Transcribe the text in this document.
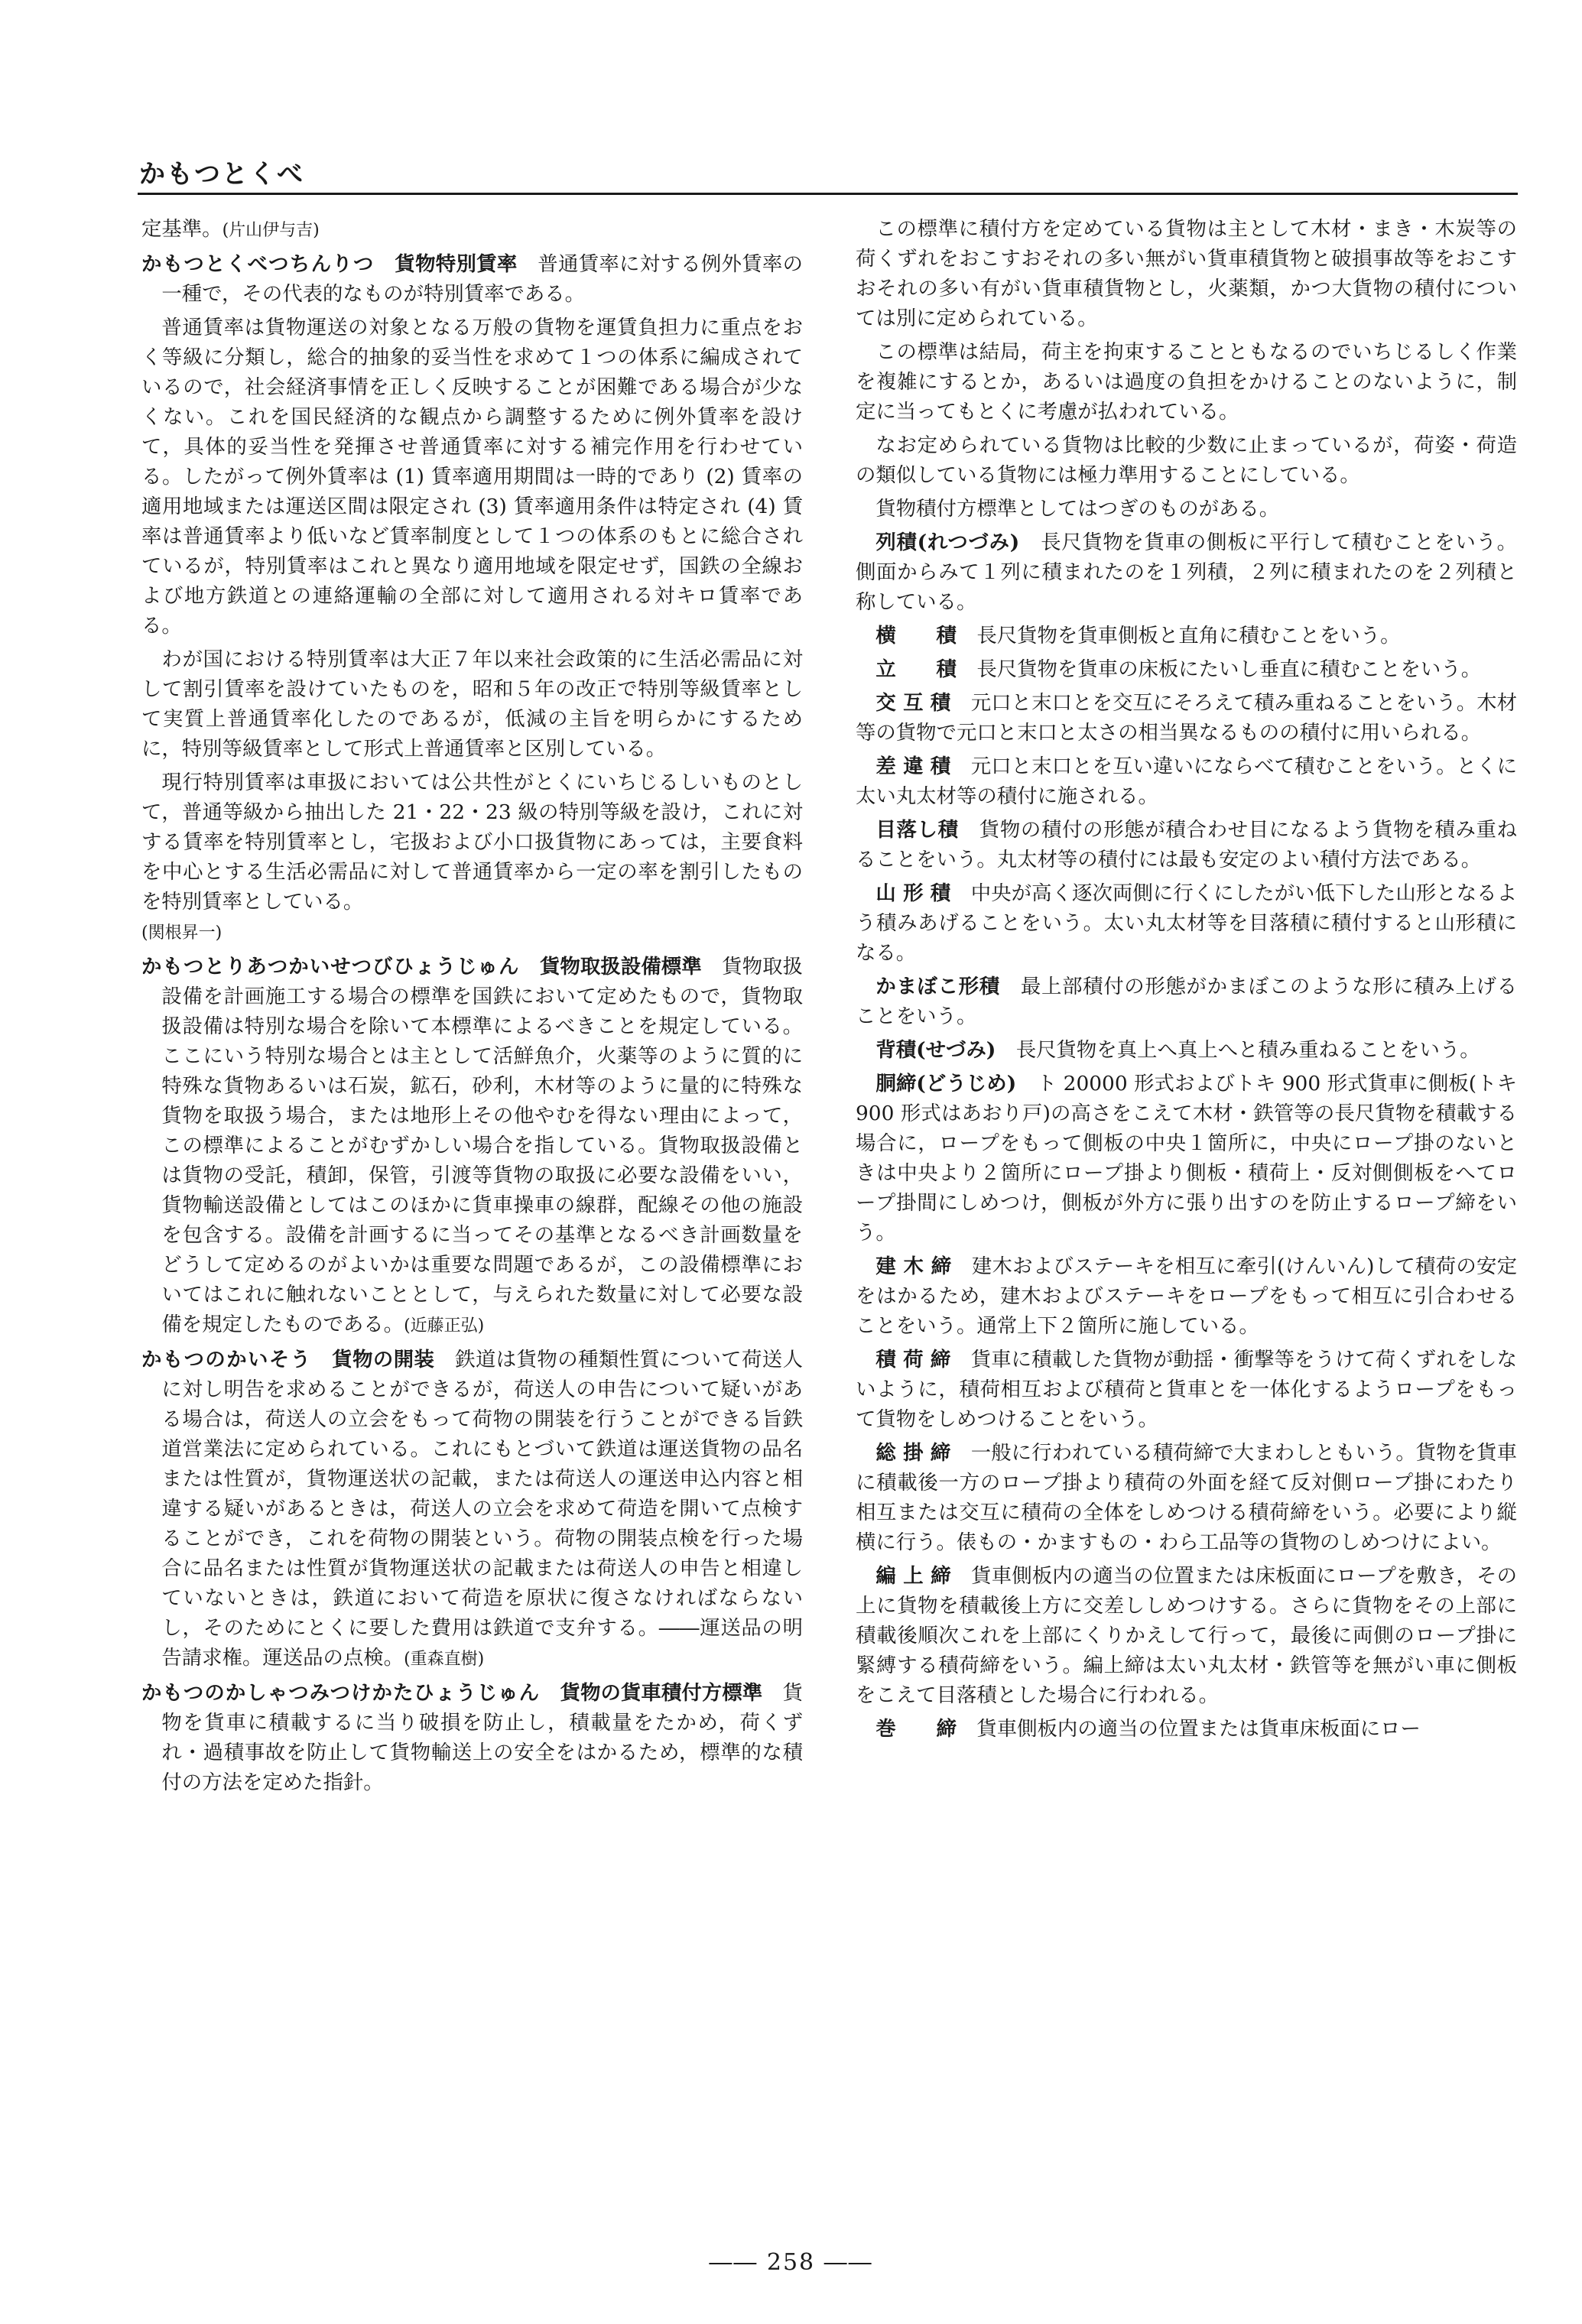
かもつとくべ

定基準。(片山伊与吉)

かもつとくべつちんりつ　 貨物特別賃率　 普通賃率に対する例外賃率の一種で，その代表的なものが特別賃率である。

普通賃率は貨物運送の対象となる万般の貨物を運賃負担力に重点をおく等級に分類し，総合的抽象的妥当性を求めて１つの体系に編成されているので，社会経済事情を正しく反映することが困難である場合が少なくない。これを国民経済的な観点から調整するために例外賃率を設けて，具体的妥当性を発揮させ普通賃率に対する補完作用を行わせている。したがって例外賃率は (1) 賃率適用期間は一時的であり (2) 賃率の適用地域または運送区間は限定され (3) 賃率適用条件は特定され (4) 賃率は普通賃率より低いなど賃率制度として１つの体系のもとに総合されているが，特別賃率はこれと異なり適用地域を限定せず，国鉄の全線および地方鉄道との連絡運輸の全部に対して適用される対キロ賃率である。

わが国における特別賃率は大正７年以来社会政策的に生活必需品に対して割引賃率を設けていたものを，昭和５年の改正で特別等級賃率として実質上普通賃率化したのであるが，低減の主旨を明らかにするために，特別等級賃率として形式上普通賃率と区別している。

現行特別賃率は車扱においては公共性がとくにいちじるしいものとして，普通等級から抽出した 21・22・23 級の特別等級を設け，これに対する賃率を特別賃率とし，宅扱および小口扱貨物にあっては，主要食料を中心とする生活必需品に対して普通賃率から一定の率を割引したものを特別賃率としている。
(関根昇一)

かもつとりあつかいせつびひょうじゅん　 貨物取扱設備標準　 貨物取扱設備を計画施工する場合の標準を国鉄において定めたもので，貨物取扱設備は特別な場合を除いて本標準によるべきことを規定している。ここにいう特別な場合とは主として活鮮魚介，火薬等のように質的に特殊な貨物あるいは石炭，鉱石，砂利，木材等のように量的に特殊な貨物を取扱う場合，または地形上その他やむを得ない理由によって，この標準によることがむずかしい場合を指している。貨物取扱設備とは貨物の受託，積卸，保管，引渡等貨物の取扱に必要な設備をいい，貨物輸送設備としてはこのほかに貨車操車の線群，配線その他の施設を包含する。設備を計画するに当ってその基準となるべき計画数量をどうして定めるのがよいかは重要な問題であるが，この設備標準においてはこれに触れないこととして，与えられた数量に対して必要な設備を規定したものである。(近藤正弘)

かもつのかいそう　 貨物の開装　 鉄道は貨物の種類性質について荷送人に対し明告を求めることができるが，荷送人の申告について疑いがある場合は，荷送人の立会をもって荷物の開装を行うことができる旨鉄道営業法に定められている。これにもとづいて鉄道は運送貨物の品名または性質が，貨物運送状の記載，または荷送人の運送申込内容と相違する疑いがあるときは，荷送人の立会を求めて荷造を開いて点検することができ，これを荷物の開装という。荷物の開装点検を行った場合に品名または性質が貨物運送状の記載または荷送人の申告と相違していないときは，鉄道において荷造を原状に復さなければならないし，そのためにとくに要した費用は鉄道で支弁する。――運送品の明告請求権。運送品の点検。(重森直樹)

かもつのかしゃつみつけかたひょうじゅん　 貨物の貨車積付方標準　 貨物を貨車に積載するに当り破損を防止し，積載量をたかめ，荷くずれ・過積事故を防止して貨物輸送上の安全をはかるため，標準的な積付の方法を定めた指針。

この標準に積付方を定めている貨物は主として木材・まき・木炭等の荷くずれをおこすおそれの多い無がい貨車積貨物と破損事故等をおこすおそれの多い有がい貨車積貨物とし，火薬類，かつ大貨物の積付については別に定められている。

この標準は結局，荷主を拘束することともなるのでいちじるしく作業を複雑にするとか，あるいは過度の負担をかけることのないように，制定に当ってもとくに考慮が払われている。

なお定められている貨物は比較的少数に止まっているが，荷姿・荷造の類似している貨物には極力準用することにしている。

貨物積付方標準としてはつぎのものがある。

列積(れつづみ)　 長尺貨物を貨車の側板に平行して積むことをいう。側面からみて１列に積まれたのを１列積，２列に積まれたのを２列積と称している。

横　　積　 長尺貨物を貨車側板と直角に積むことをいう。

立　　積　 長尺貨物を貨車の床板にたいし垂直に積むことをいう。

交 互 積　 元口と末口とを交互にそろえて積み重ねることをいう。木材等の貨物で元口と末口と太さの相当異なるものの積付に用いられる。

差 違 積　 元口と末口とを互い違いにならべて積むことをいう。とくに太い丸太材等の積付に施される。

目落し積　 貨物の積付の形態が積合わせ目になるよう貨物を積み重ねることをいう。丸太材等の積付には最も安定のよい積付方法である。

山 形 積　 中央が高く逐次両側に行くにしたがい低下した山形となるよう積みあげることをいう。太い丸太材等を目落積に積付すると山形積になる。

かまぼこ形積　 最上部積付の形態がかまぼこのような形に積み上げることをいう。

背積(せづみ)　 長尺貨物を真上へ真上へと積み重ねることをいう。

胴締(どうじめ)　 ト 20000 形式およびトキ 900 形式貨車に側板(トキ 900 形式はあおり戸)の高さをこえて木材・鉄管等の長尺貨物を積載する場合に，ロープをもって側板の中央１箇所に，中央にロープ掛のないときは中央より２箇所にロープ掛より側板・積荷上・反対側側板をへてロープ掛間にしめつけ，側板が外方に張り出すのを防止するロープ締をいう。

建 木 締　 建木およびステーキを相互に牽引(けんいん)して積荷の安定をはかるため，建木およびステーキをロープをもって相互に引合わせることをいう。通常上下２箇所に施している。

積 荷 締　 貨車に積載した貨物が動揺・衝撃等をうけて荷くずれをしないように，積荷相互および積荷と貨車とを一体化するようロープをもって貨物をしめつけることをいう。

総 掛 締　 一般に行われている積荷締で大まわしともいう。貨物を貨車に積載後一方のロープ掛より積荷の外面を経て反対側ロープ掛にわたり相互または交互に積荷の全体をしめつける積荷締をいう。必要により縦横に行う。俵もの・かますもの・わら工品等の貨物のしめつけによい。

編 上 締　 貨車側板内の適当の位置または床板面にロープを敷き，その上に貨物を積載後上方に交差ししめつけする。さらに貨物をその上部に積載後順次これを上部にくりかえして行って，最後に両側のロープ掛に緊縛する積荷締をいう。編上締は太い丸太材・鉄管等を無がい車に側板をこえて目落積とした場合に行われる。

巻　　締　 貨車側板内の適当の位置または貨車床板面にロー

―― 258 ――
